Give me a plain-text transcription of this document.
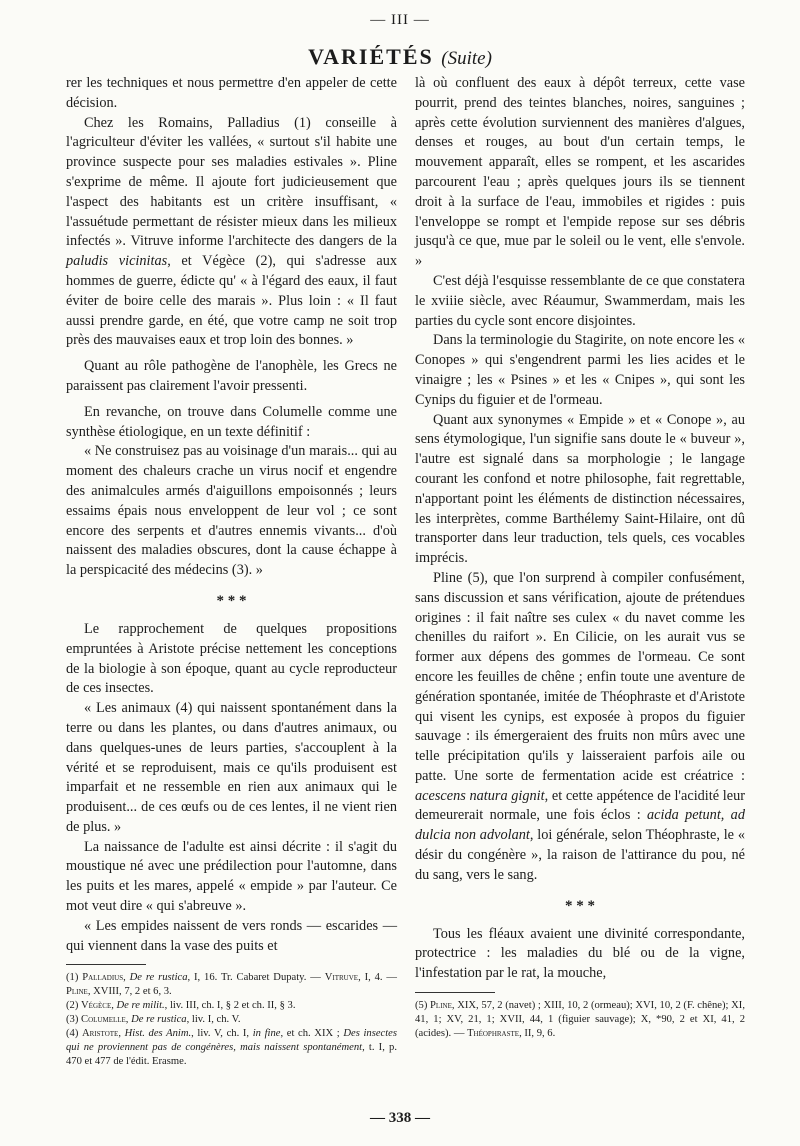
— III —
VARIÉTÉS (Suite)

rer les techniques et nous permettre d'en appeler de cette décision.

Chez les Romains, Palladius (1) conseille à l'agriculteur d'éviter les vallées, « surtout s'il habite une province suspecte pour ses maladies estivales ». Pline s'exprime de même. Il ajoute fort judicieusement que l'aspect des habitants est un critère insuffisant, « l'assuétude permettant de résister mieux dans les milieux infectés ». Vitruve informe l'architecte des dangers de la paludis vicinitas, et Végèce (2), qui s'adresse aux hommes de guerre, édicte qu' « à l'égard des eaux, il faut éviter de boire celle des marais ». Plus loin : « Il faut aussi prendre garde, en été, que votre camp ne soit trop près des mauvaises eaux et trop loin des bonnes. »

Quant au rôle pathogène de l'anophèle, les Grecs ne paraissent pas clairement l'avoir pressenti.

En revanche, on trouve dans Columelle comme une synthèse étiologique, en un texte définitif :

« Ne construisez pas au voisinage d'un marais... qui au moment des chaleurs crache un virus nocif et engendre des animalcules armés d'aiguillons empoisonnés ; leurs essaims épais nous enveloppent de leur vol ; ce sont encore des serpents et d'autres ennemis vivants... d'où naissent des maladies obscures, dont la cause échappe à la perspicacité des médecins (3). »

* * *

Le rapprochement de quelques propositions empruntées à Aristote précise nettement les conceptions de la biologie à son époque, quant au cycle reproducteur de ces insectes.

« Les animaux (4) qui naissent spontanément dans la terre ou dans les plantes, ou dans d'autres animaux, ou dans quelques-unes de leurs parties, s'accouplent à la vérité et se reproduisent, mais ce qu'ils produisent est imparfait et ne ressemble en rien aux animaux qui le produisent... de ces œufs ou de ces lentes, il ne vient rien de plus. »

La naissance de l'adulte est ainsi décrite : il s'agit du moustique né avec une prédilection pour l'automne, dans les puits et les mares, appelé « empide » par l'auteur. Ce mot veut dire « qui s'abreuve ».

« Les empides naissent de vers ronds — escarides — qui viennent dans la vase des puits et

(1) Palladius, De re rustica, I, 16. Tr. Cabaret Dupaty. — Vitruve, I, 4. — Pline, XVIII, 7, 2 et 6, 3.

(2) Végèce, De re milit., liv. III, ch. I, § 2 et ch. II, § 3.

(3) Columelle, De re rustica, liv. I, ch. V.

(4) Aristote, Hist. des Anim., liv. V, ch. I, in fine, et ch. XIX ; Des insectes qui ne proviennent pas de congénères, mais naissent spontanément, t. I, p. 470 et 477 de l'édit. Erasme.

là où confluent des eaux à dépôt terreux, cette vase pourrit, prend des teintes blanches, noires, sanguines ; après cette évolution surviennent des manières d'algues, denses et rouges, au bout d'un certain temps, le mouvement apparaît, elles se rompent, et les ascarides parcourent l'eau ; après quelques jours ils se tiennent droit à la surface de l'eau, immobiles et rigides : puis l'enveloppe se rompt et l'empide repose sur ses débris jusqu'à ce que, mue par le soleil ou le vent, elle s'envole. »

C'est déjà l'esquisse ressemblante de ce que constatera le xviiie siècle, avec Réaumur, Swammerdam, mais les parties du cycle sont encore disjointes.

Dans la terminologie du Stagirite, on note encore les « Conopes » qui s'engendrent parmi les lies acides et le vinaigre ; les « Psines » et les « Cnipes », qui sont les Cynips du figuier et de l'ormeau.

Quant aux synonymes « Empide » et « Conope », au sens étymologique, l'un signifie sans doute le « buveur », l'autre est signalé dans sa morphologie ; le langage courant les confond et notre philosophe, fait regrettable, n'apportant point les éléments de distinction nécessaires, les interprètes, comme Barthélemy Saint-Hilaire, ont dû transporter dans leur traduction, tels quels, ces vocables imprécis.

Pline (5), que l'on surprend à compiler confusément, sans discussion et sans vérification, ajoute de prétendues origines : il fait naître ses culex « du navet comme les chenilles du raifort ». En Cilicie, on les aurait vus se former aux dépens des gommes de l'ormeau. Ce sont encore les feuilles de chêne ; enfin toute une aventure de génération spontanée, imitée de Théophraste et d'Aristote qui visent les cynips, est exposée à propos du figuier sauvage : ils émergeraient des fruits non mûrs avec une telle précipitation qu'ils y laisseraient parfois aile ou patte. Une sorte de fermentation acide est créatrice : acescens natura gignit, et cette appétence de l'acidité leur demeurerait normale, une fois éclos : acida petunt, ad dulcia non advolant, loi générale, selon Théophraste, le « désir du congénère », la raison de l'attirance du pou, né du sang, vers le sang.

* * *

Tous les fléaux avaient une divinité correspondante, protectrice : les maladies du blé ou de la vigne, l'infestation par le rat, la mouche,

(5) Pline, XIX, 57, 2 (navet) ; XIII, 10, 2 (ormeau); XVI, 10, 2 (F. chêne); XI, 41, 1; XV, 21, 1; XVII, 44, 1 (figuier sauvage); X, *90, 2 et XI, 41, 2 (acides). — Théophraste, II, 9, 6.

— 338 —
